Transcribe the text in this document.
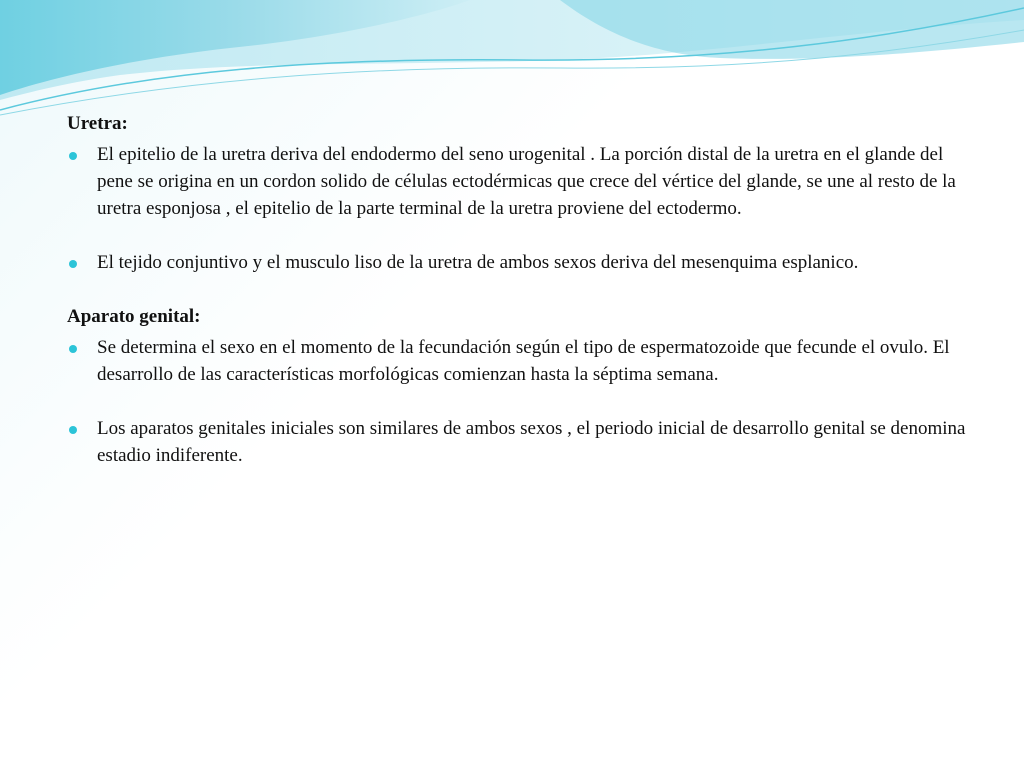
Uretra:

El epitelio de la uretra deriva del endodermo del seno urogenital . La porción distal de la uretra en el glande del pene se origina en un cordon solido de células ectodérmicas que crece del vértice del glande, se une al resto de la uretra esponjosa , el epitelio de la parte terminal de la uretra proviene del ectodermo.

El tejido conjuntivo y el musculo liso de la uretra de ambos sexos deriva del mesenquima esplanico.

Aparato genital:

Se determina el sexo en el momento de la fecundación según el tipo de espermatozoide que fecunde el ovulo. El desarrollo de las características morfológicas comienzan hasta la séptima semana.

Los aparatos genitales iniciales son similares de ambos sexos , el periodo inicial de desarrollo genital se denomina estadio indiferente.
